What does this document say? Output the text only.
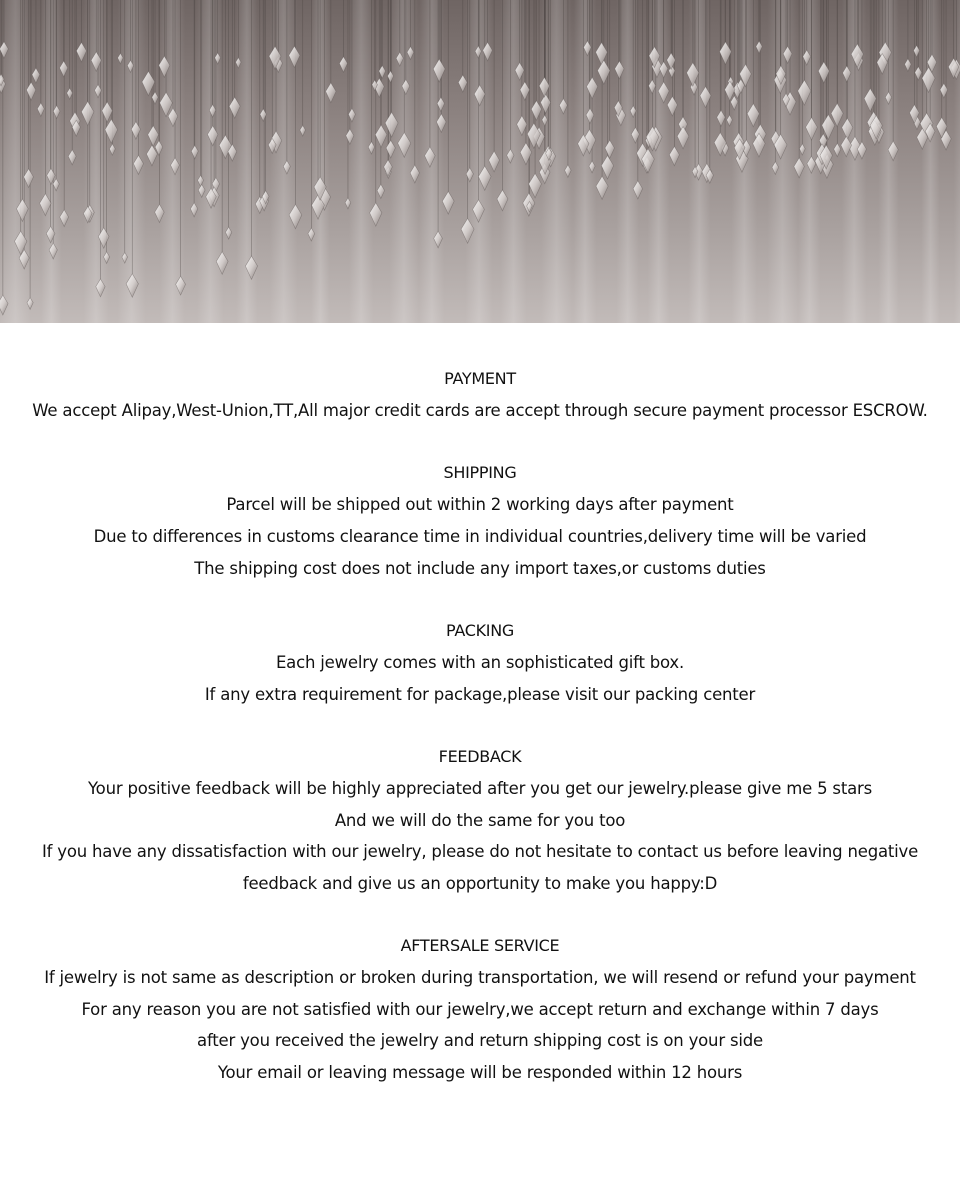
PAYMENT
We accept Alipay,West-Union,TT,All major credit cards are accept through secure payment processor ESCROW.
SHIPPING
Parcel will be shipped out within 2 working days after payment
Due to differences in customs clearance time in individual countries,delivery time will be varied
The shipping cost does not include any import taxes,or customs duties
PACKING
Each jewelry comes with an sophisticated gift box.
If any extra requirement for package,please visit our packing center
FEEDBACK
Your positive feedback will be highly appreciated after you get our jewelry.please give me 5 stars
And we will do the same for you too
If you have any dissatisfaction with our jewelry, please do not hesitate to contact us before leaving negative
feedback and give us an opportunity to make you happy:D
AFTERSALE SERVICE
If jewelry is not same as description or broken during transportation, we will resend or refund your payment
For any reason you are not satisfied with our jewelry,we accept return and exchange within 7 days
after you received the jewelry and return shipping cost is on your side
Your email or leaving message will be responded within 12 hours
